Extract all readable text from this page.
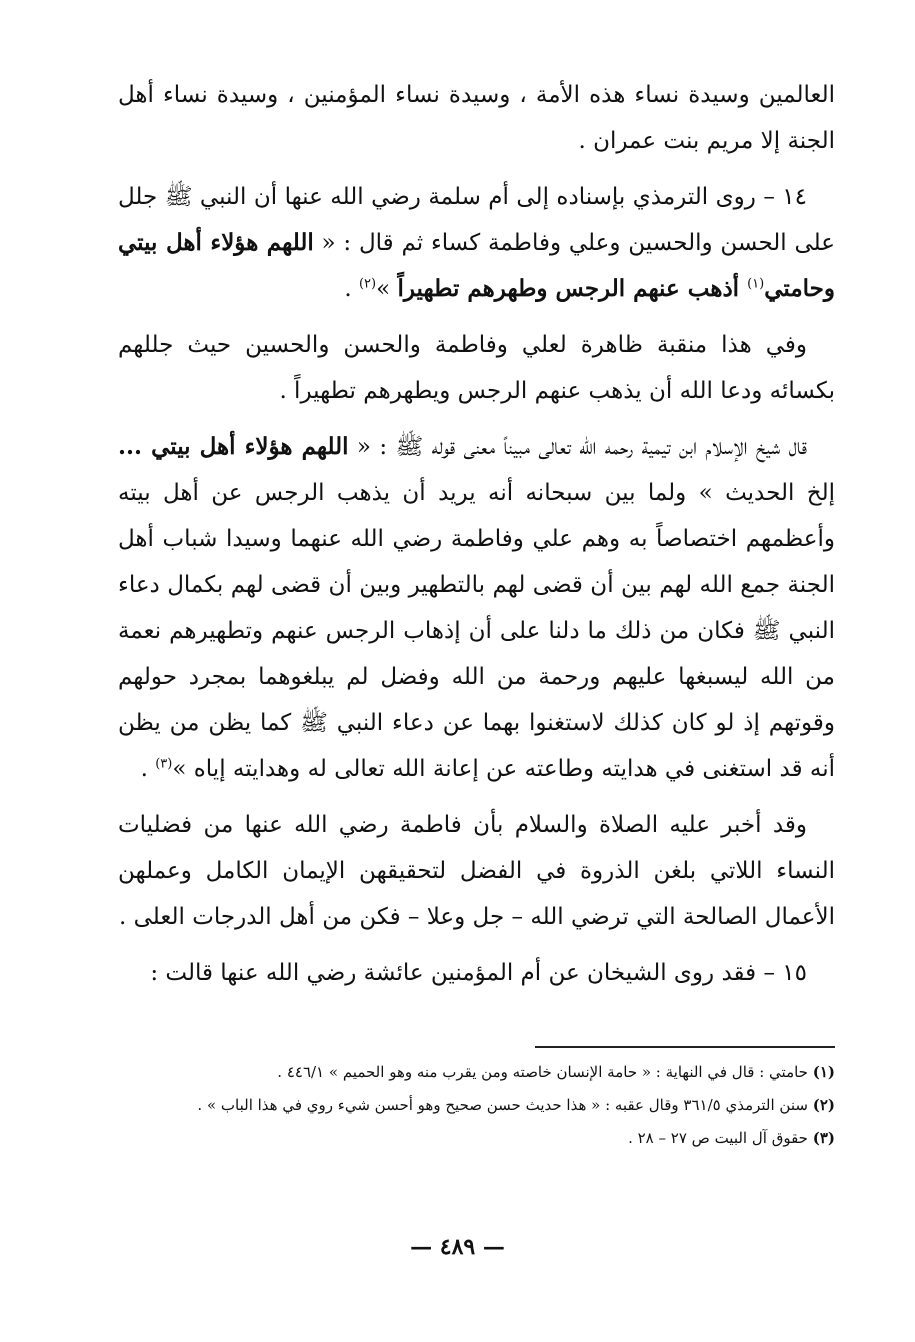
العالمين وسيدة نساء هذه الأمة ، وسيدة نساء المؤمنين ، وسيدة نساء أهل الجنة إلا مريم بنت عمران .

١٤ – روى الترمذي بإسناده إلى أم سلمة رضي الله عنها أن النبي ﷺ جلل على الحسن والحسين وعلي وفاطمة كساء ثم قال : « اللهم هؤلاء أهل بيتي وحامتي$^{(١)}$ أذهب عنهم الرجس وطهرهم تطهيراً »$^{(٢)}$ .

وفي هذا منقبة ظاهرة لعلي وفاطمة والحسن والحسين حيث جللهم بكسائه ودعا الله أن يذهب عنهم الرجس ويطهرهم تطهيراً .

قال شيخ الإسلام ابن تيمية رحمه الله تعالى مبيناً معنى قوله ﷺ : « اللهم هؤلاء أهل بيتي ... إلخ الحديث » ولما بين سبحانه أنه يريد أن يذهب الرجس عن أهل بيته وأعظمهم اختصاصاً به وهم علي وفاطمة رضي الله عنهما وسيدا شباب أهل الجنة جمع الله لهم بين أن قضى لهم بالتطهير وبين أن قضى لهم بكمال دعاء النبي ﷺ فكان من ذلك ما دلنا على أن إذهاب الرجس عنهم وتطهيرهم نعمة من الله ليسبغها عليهم ورحمة من الله وفضل لم يبلغوهما بمجرد حولهم وقوتهم إذ لو كان كذلك لاستغنوا بهما عن دعاء النبي ﷺ كما يظن من يظن أنه قد استغنى في هدايته وطاعته عن إعانة الله تعالى له وهدايته إياه »$^{(٣)}$ .

وقد أخبر عليه الصلاة والسلام بأن فاطمة رضي الله عنها من فضليات النساء اللاتي بلغن الذروة في الفضل لتحقيقهن الإيمان الكامل وعملهن الأعمال الصالحة التي ترضي الله – جل وعلا – فكن من أهل الدرجات العلى .

١٥ – فقد روى الشيخان عن أم المؤمنين عائشة رضي الله عنها قالت :

(١) حامتي : قال في النهاية : « حامة الإنسان خاصته ومن يقرب منه وهو الحميم » ٤٤٦/١ .

(٢) سنن الترمذي ٣٦١/٥ وقال عقبه : « هذا حديث حسن صحيح وهو أحسن شيء روي في هذا الباب » .

(٣) حقوق آل البيت ص ٢٧ – ٢٨ .

— ٤٨٩ —
